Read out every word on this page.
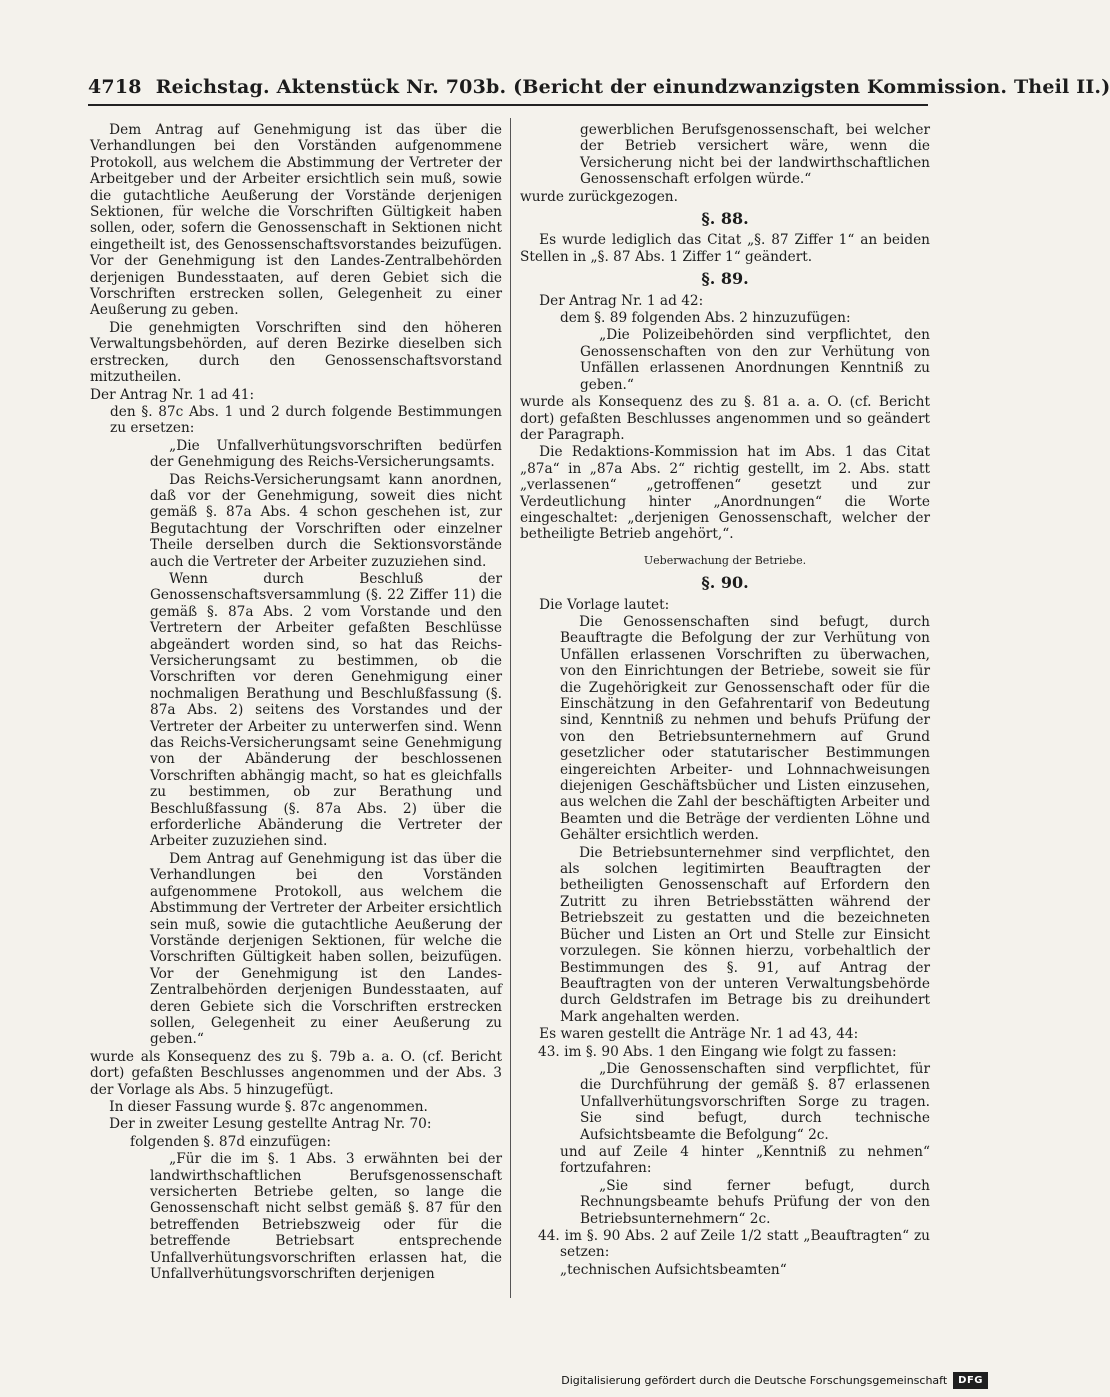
4718 Reichstag. Aktenstück Nr. 703b. (Bericht der einundzwanzigsten Kommission. Theil II.)

Dem Antrag auf Genehmigung ist das über die Verhandlungen bei den Vorständen aufgenommene Protokoll, aus welchem die Abstimmung der Vertreter der Arbeitgeber und der Arbeiter ersichtlich sein muß, sowie die gutachtliche Aeußerung der Vorstände derjenigen Sektionen, für welche die Vorschriften Gültigkeit haben sollen, oder, sofern die Genossenschaft in Sektionen nicht eingetheilt ist, des Genossenschaftsvorstandes beizufügen. Vor der Genehmigung ist den Landes-Zentralbehörden derjenigen Bundesstaaten, auf deren Gebiet sich die Vorschriften erstrecken sollen, Gelegenheit zu einer Aeußerung zu geben.

Die genehmigten Vorschriften sind den höheren Verwaltungsbehörden, auf deren Bezirke dieselben sich erstrecken, durch den Genossenschaftsvorstand mitzutheilen.

Der Antrag Nr. 1 ad 41:

den §. 87c Abs. 1 und 2 durch folgende Bestimmungen zu ersetzen:

„Die Unfallverhütungsvorschriften bedürfen der Genehmigung des Reichs-Versicherungsamts.

Das Reichs-Versicherungsamt kann anordnen, daß vor der Genehmigung, soweit dies nicht gemäß §. 87a Abs. 4 schon geschehen ist, zur Begutachtung der Vorschriften oder einzelner Theile derselben durch die Sektionsvorstände auch die Vertreter der Arbeiter zuzuziehen sind.

Wenn durch Beschluß der Genossenschaftsversammlung (§. 22 Ziffer 11) die gemäß §. 87a Abs. 2 vom Vorstande und den Vertretern der Arbeiter gefaßten Beschlüsse abgeändert worden sind, so hat das Reichs-Versicherungsamt zu bestimmen, ob die Vorschriften vor deren Genehmigung einer nochmaligen Berathung und Beschlußfassung (§. 87a Abs. 2) seitens des Vorstandes und der Vertreter der Arbeiter zu unterwerfen sind. Wenn das Reichs-Versicherungsamt seine Genehmigung von der Abänderung der beschlossenen Vorschriften abhängig macht, so hat es gleichfalls zu bestimmen, ob zur Berathung und Beschlußfassung (§. 87a Abs. 2) über die erforderliche Abänderung die Vertreter der Arbeiter zuzuziehen sind.

Dem Antrag auf Genehmigung ist das über die Verhandlungen bei den Vorständen aufgenommene Protokoll, aus welchem die Abstimmung der Vertreter der Arbeiter ersichtlich sein muß, sowie die gutachtliche Aeußerung der Vorstände derjenigen Sektionen, für welche die Vorschriften Gültigkeit haben sollen, beizufügen. Vor der Genehmigung ist den Landes-Zentralbehörden derjenigen Bundesstaaten, auf deren Gebiete sich die Vorschriften erstrecken sollen, Gelegenheit zu einer Aeußerung zu geben.“

wurde als Konsequenz des zu §. 79b a. a. O. (cf. Bericht dort) gefaßten Beschlusses angenommen und der Abs. 3 der Vorlage als Abs. 5 hinzugefügt.

In dieser Fassung wurde §. 87c angenommen.

Der in zweiter Lesung gestellte Antrag Nr. 70:

folgenden §. 87d einzufügen:

„Für die im §. 1 Abs. 3 erwähnten bei der landwirthschaftlichen Berufsgenossenschaft versicherten Betriebe gelten, so lange die Genossenschaft nicht selbst gemäß §. 87 für den betreffenden Betriebszweig oder für die betreffende Betriebsart entsprechende Unfallverhütungsvorschriften erlassen hat, die Unfallverhütungsvorschriften derjenigen

gewerblichen Berufsgenossenschaft, bei welcher der Betrieb versichert wäre, wenn die Versicherung nicht bei der landwirthschaftlichen Genossenschaft erfolgen würde.“

wurde zurückgezogen.

§. 88.

Es wurde lediglich das Citat „§. 87 Ziffer 1“ an beiden Stellen in „§. 87 Abs. 1 Ziffer 1“ geändert.

§. 89.

Der Antrag Nr. 1 ad 42:

dem §. 89 folgenden Abs. 2 hinzuzufügen:

„Die Polizeibehörden sind verpflichtet, den Genossenschaften von den zur Verhütung von Unfällen erlassenen Anordnungen Kenntniß zu geben.“

wurde als Konsequenz des zu §. 81 a. a. O. (cf. Bericht dort) gefaßten Beschlusses angenommen und so geändert der Paragraph.

Die Redaktions-Kommission hat im Abs. 1 das Citat „87a“ in „87a Abs. 2“ richtig gestellt, im 2. Abs. statt „verlassenen“ „getroffenen“ gesetzt und zur Verdeutlichung hinter „Anordnungen“ die Worte eingeschaltet: „derjenigen Genossenschaft, welcher der betheiligte Betrieb angehört,“.

Ueberwachung der Betriebe.
§. 90.

Die Vorlage lautet:

Die Genossenschaften sind befugt, durch Beauftragte die Befolgung der zur Verhütung von Unfällen erlassenen Vorschriften zu überwachen, von den Einrichtungen der Betriebe, soweit sie für die Zugehörigkeit zur Genossenschaft oder für die Einschätzung in den Gefahrentarif von Bedeutung sind, Kenntniß zu nehmen und behufs Prüfung der von den Betriebsunternehmern auf Grund gesetzlicher oder statutarischer Bestimmungen eingereichten Arbeiter- und Lohnnachweisungen diejenigen Geschäftsbücher und Listen einzusehen, aus welchen die Zahl der beschäftigten Arbeiter und Beamten und die Beträge der verdienten Löhne und Gehälter ersichtlich werden.

Die Betriebsunternehmer sind verpflichtet, den als solchen legitimirten Beauftragten der betheiligten Genossenschaft auf Erfordern den Zutritt zu ihren Betriebsstätten während der Betriebszeit zu gestatten und die bezeichneten Bücher und Listen an Ort und Stelle zur Einsicht vorzulegen. Sie können hierzu, vorbehaltlich der Bestimmungen des §. 91, auf Antrag der Beauftragten von der unteren Verwaltungsbehörde durch Geldstrafen im Betrage bis zu dreihundert Mark angehalten werden.

Es waren gestellt die Anträge Nr. 1 ad 43, 44:

43. im §. 90 Abs. 1 den Eingang wie folgt zu fassen:

„Die Genossenschaften sind verpflichtet, für die Durchführung der gemäß §. 87 erlassenen Unfallverhütungsvorschriften Sorge zu tragen. Sie sind befugt, durch technische Aufsichtsbeamte die Befolgung“ 2c.

und auf Zeile 4 hinter „Kenntniß zu nehmen“ fortzufahren:

„Sie sind ferner befugt, durch Rechnungsbeamte behufs Prüfung der von den Betriebsunternehmern“ 2c.

44. im §. 90 Abs. 2 auf Zeile 1/2 statt „Beauftragten“ zu setzen:

„technischen Aufsichtsbeamten“

Digitalisierung gefördert durch die Deutsche Forschungsgemeinschaft	DFG
